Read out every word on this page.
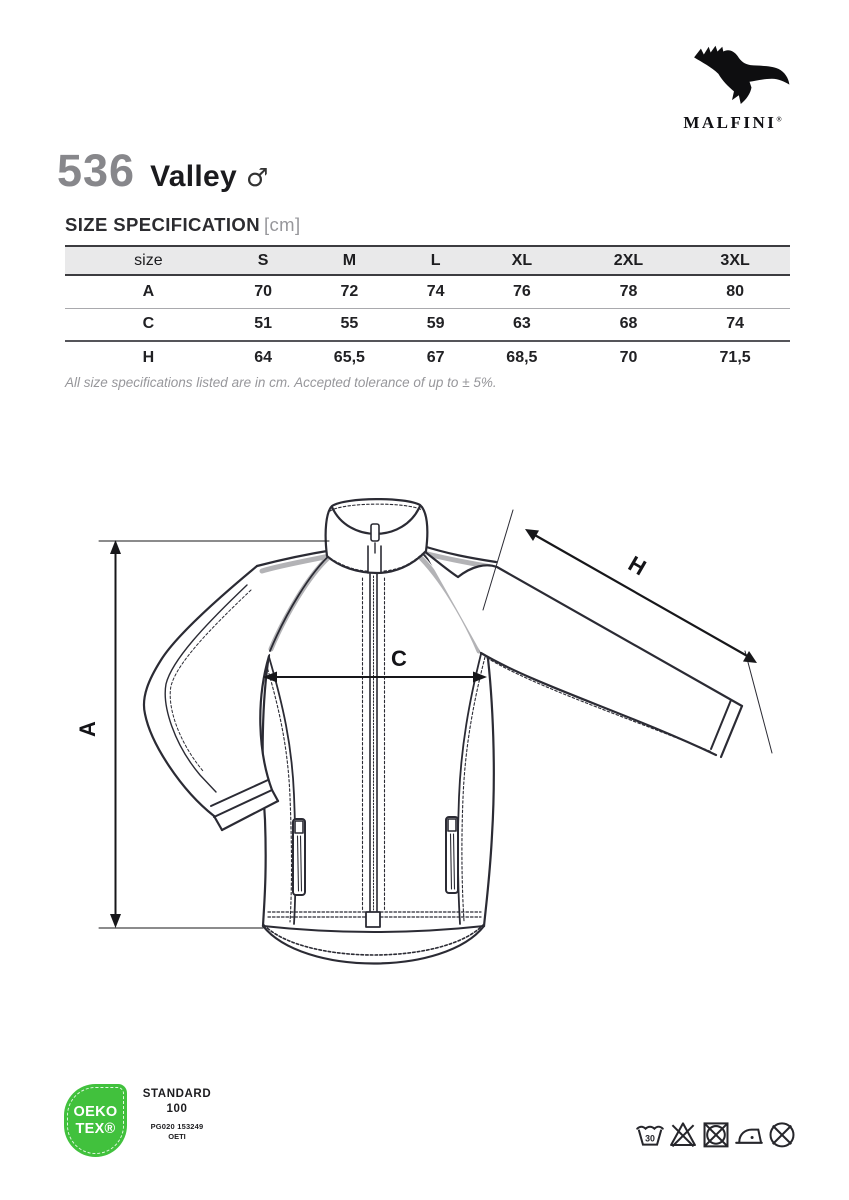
MALFINI®
536 Valley ♂
SIZE SPECIFICATION [cm]
size	S	M	L	XL	2XL	3XL
A	70	72	74	76	78	80
C	51	55	59	63	68	74
H	64	65,5	67	68,5	70	71,5
All size specifications listed are in cm. Accepted tolerance of up to ± 5%.
A
C
H
OEKO
TEX®
STANDARD
100
PG020 153249
OETI	30
